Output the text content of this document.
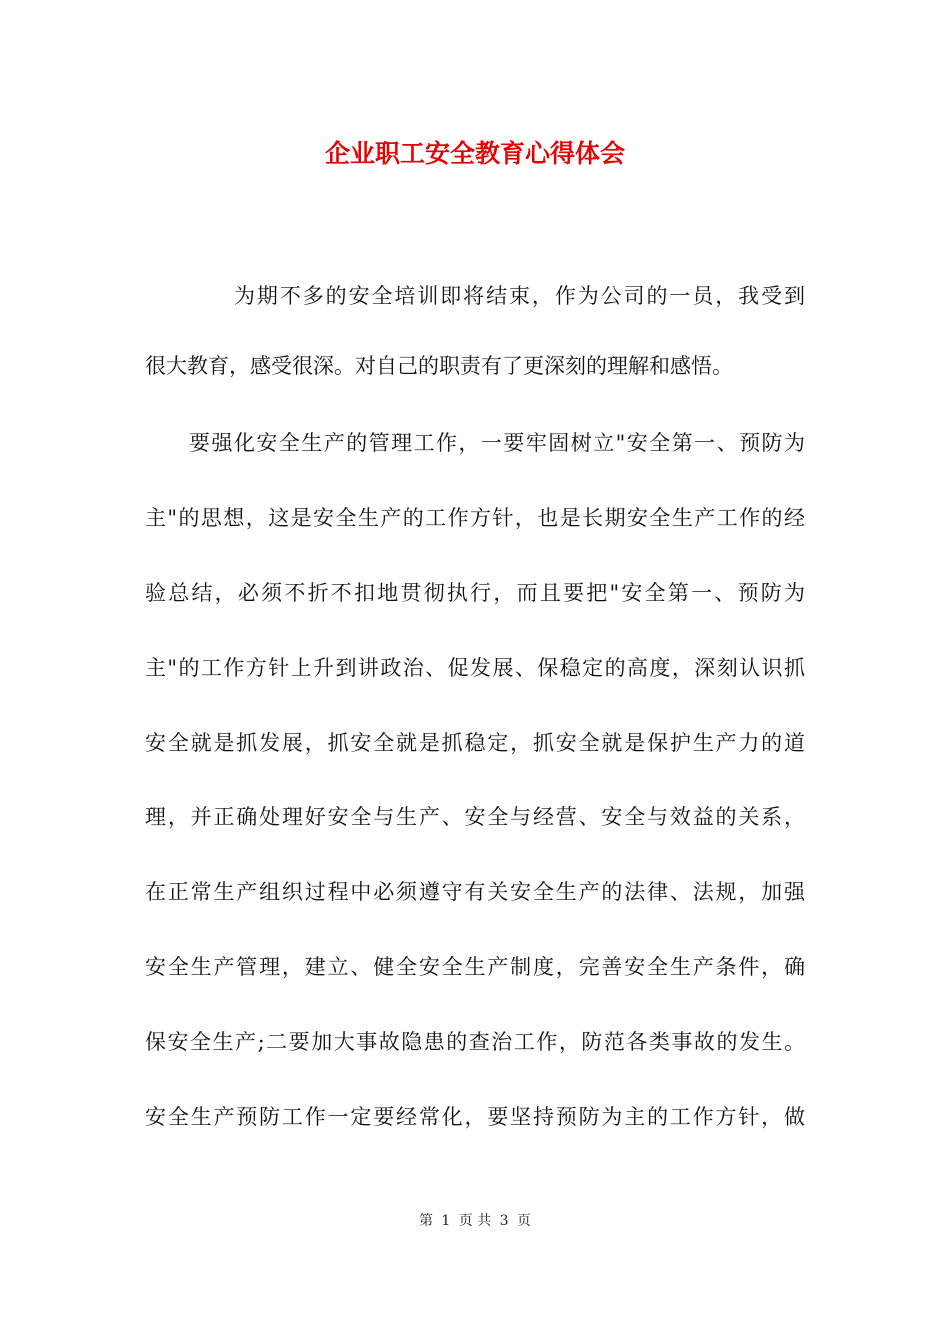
企业职工安全教育心得体会
为期不多的安全培训即将结束，作为公司的一员，我受到
很大教育，感受很深。对自己的职责有了更深刻的理解和感悟。
要强化安全生产的管理工作，一要牢固树立"安全第一、预防为
主"的思想，这是安全生产的工作方针，也是长期安全生产工作的经
验总结，必须不折不扣地贯彻执行，而且要把"安全第一、预防为
主"的工作方针上升到讲政治、促发展、保稳定的高度，深刻认识抓
安全就是抓发展，抓安全就是抓稳定，抓安全就是保护生产力的道
理，并正确处理好安全与生产、安全与经营、安全与效益的关系，
在正常生产组织过程中必须遵守有关安全生产的法律、法规，加强
安全生产管理，建立、健全安全生产制度，完善安全生产条件，确
保安全生产;二要加大事故隐患的查治工作，防范各类事故的发生。
安全生产预防工作一定要经常化，要坚持预防为主的工作方针，做
第 1 页 共 3 页
